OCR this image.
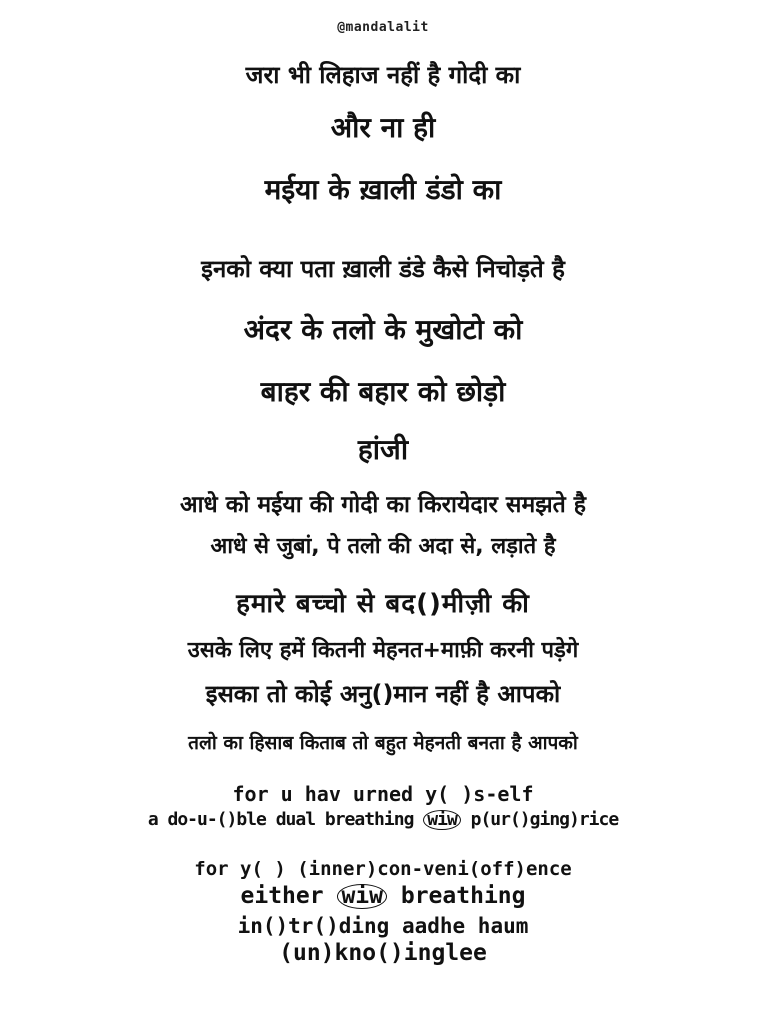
@mandalalit
जरा भी लिहाज नहीं है गोदी का
और ना ही
मईया के ख़ाली डंडो का
इनको क्या पता ख़ाली डंडे कैसे निचोड़ते है
अंदर के तलो के मुखोटो को
बाहर की बहार को छोड़ो
हांजी
आधे को मईया की गोदी का किरायेदार समझते है
आधे से जुबां, पे तलो की अदा से, लड़ाते है
हमारे बच्चो से बद()मीज़ी की
उसके लिए हमें कितनी मेहनत+माफ़ी करनी पड़ेगे
इसका तो कोई अनु()मान नहीं है आपको
तलो का हिसाब किताब तो बहुत मेहनती बनता है आपको
for u hav urned y( )s-elf
a do-u-()ble dual breathing wiw p(ur()ging)rice
for y( ) (inner)con-veni(off)ence
either wiw breathing
in()tr()ding aadhe haum
(un)kno()inglee
